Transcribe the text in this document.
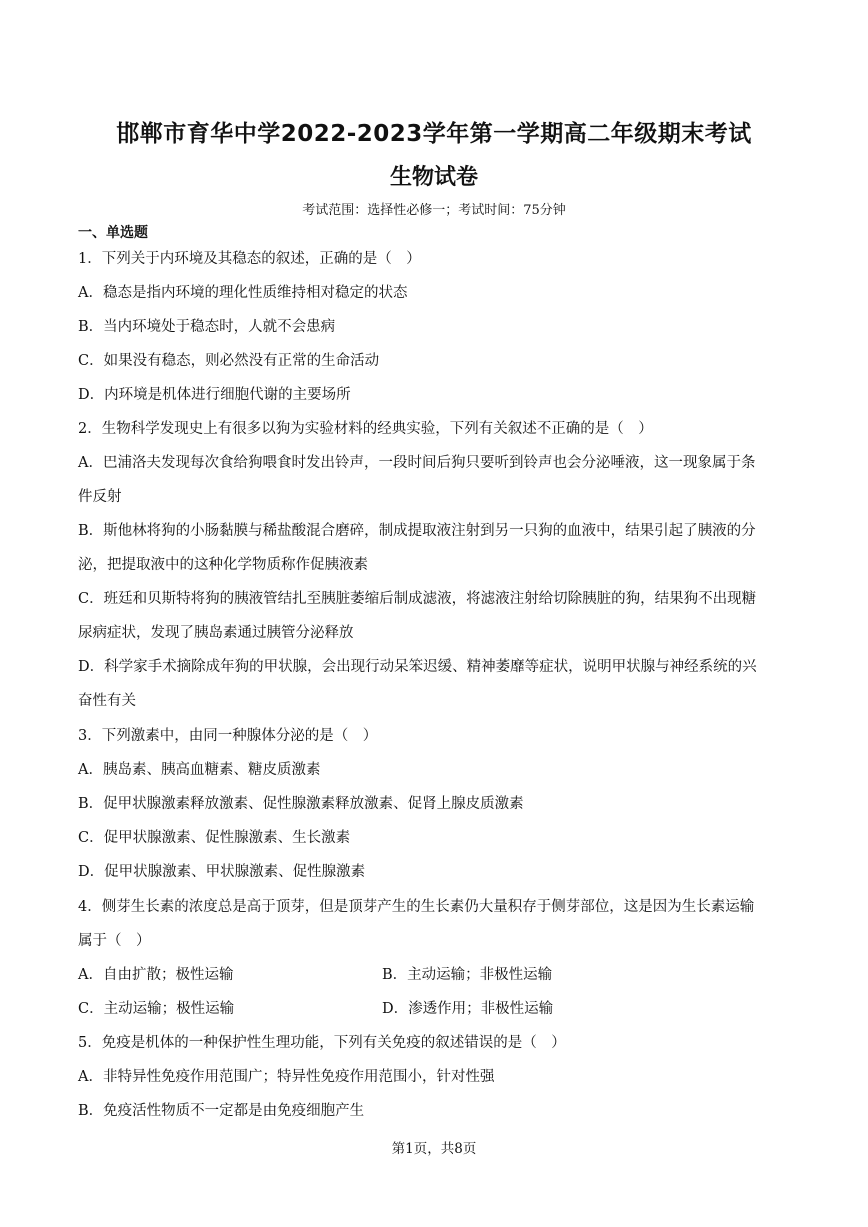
邯郸市育华中学2022-2023学年第一学期高二年级期末考试
生物试卷
考试范围：选择性必修一；考试时间：75分钟
一、单选题
1．下列关于内环境及其稳态的叙述，正确的是（　）
A．稳态是指内环境的理化性质维持相对稳定的状态
B．当内环境处于稳态时，人就不会患病
C．如果没有稳态，则必然没有正常的生命活动
D．内环境是机体进行细胞代谢的主要场所
2．生物科学发现史上有很多以狗为实验材料的经典实验，下列有关叙述不正确的是（　）
A．巴浦洛夫发现每次食给狗喂食时发出铃声，一段时间后狗只要听到铃声也会分泌唾液，这一现象属于条
件反射
B．斯他林将狗的小肠黏膜与稀盐酸混合磨碎，制成提取液注射到另一只狗的血液中，结果引起了胰液的分
泌，把提取液中的这种化学物质称作促胰液素
C．班廷和贝斯特将狗的胰液管结扎至胰脏萎缩后制成滤液，将滤液注射给切除胰脏的狗，结果狗不出现糖
尿病症状，发现了胰岛素通过胰管分泌释放
D．科学家手术摘除成年狗的甲状腺，会出现行动呆笨迟缓、精神萎靡等症状，说明甲状腺与神经系统的兴
奋性有关
3．下列激素中，由同一种腺体分泌的是（　）
A．胰岛素、胰高血糖素、糖皮质激素
B．促甲状腺激素释放激素、促性腺激素释放激素、促肾上腺皮质激素
C．促甲状腺激素、促性腺激素、生长激素
D．促甲状腺激素、甲状腺激素、促性腺激素
4．侧芽生长素的浓度总是高于顶芽，但是顶芽产生的生长素仍大量积存于侧芽部位，这是因为生长素运输
属于（　）
A．自由扩散；极性运输	B．主动运输；非极性运输
C．主动运输；极性运输	D．渗透作用；非极性运输
5．免疫是机体的一种保护性生理功能，下列有关免疫的叙述错误的是（　）
A．非特异性免疫作用范围广；特异性免疫作用范围小，针对性强
B．免疫活性物质不一定都是由免疫细胞产生
第1页，共8页
